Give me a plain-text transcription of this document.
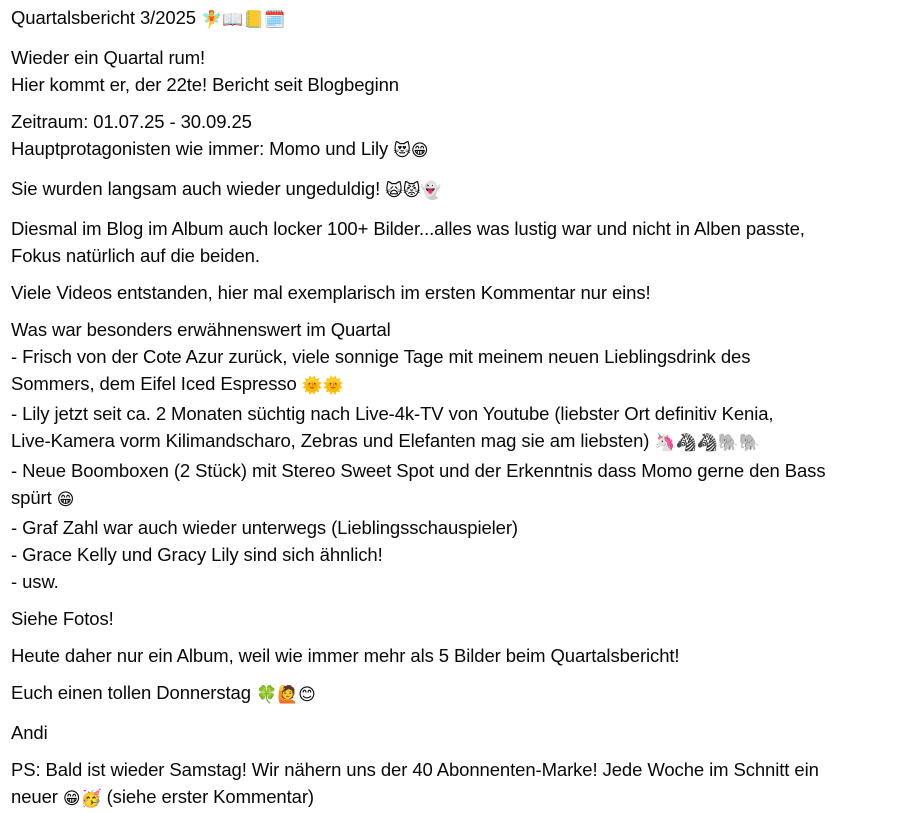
Quartalsbericht 3/2025 🧚📖📒🗓️

Wieder ein Quartal rum!
Hier kommt er, der 22te! Bericht seit Blogbeginn

Zeitraum: 01.07.25 - 30.09.25
Hauptprotagonisten wie immer: Momo und Lily 😻😁

Sie wurden langsam auch wieder ungeduldig! 🙀😾👻

Diesmal im Blog im Album auch locker 100+ Bilder...alles was lustig war und nicht in Alben passte,
Fokus natürlich auf die beiden.

Viele Videos entstanden, hier mal exemplarisch im ersten Kommentar nur eins!

Was war besonders erwähnenswert im Quartal
- Frisch von der Cote Azur zurück, viele sonnige Tage mit meinem neuen Lieblingsdrink des
Sommers, dem Eifel Iced Espresso 🌞🌞
- Lily jetzt seit ca. 2 Monaten süchtig nach Live-4k-TV von Youtube (liebster Ort definitiv Kenia,
Live-Kamera vorm Kilimandscharo, Zebras und Elefanten mag sie am liebsten) 🦄🦓🦓🐘🐘
- Neue Boomboxen (2 Stück) mit Stereo Sweet Spot und der Erkenntnis dass Momo gerne den Bass
spürt 😁
- Graf Zahl war auch wieder unterwegs (Lieblingsschauspieler)
- Grace Kelly und Gracy Lily sind sich ähnlich!
- usw.

Siehe Fotos!

Heute daher nur ein Album, weil wie immer mehr als 5 Bilder beim Quartalsbericht!

Euch einen tollen Donnerstag 🍀🙋😊

Andi

PS: Bald ist wieder Samstag! Wir nähern uns der 40 Abonnenten-Marke! Jede Woche im Schnitt ein
neuer 😁🥳 (siehe erster Kommentar)
